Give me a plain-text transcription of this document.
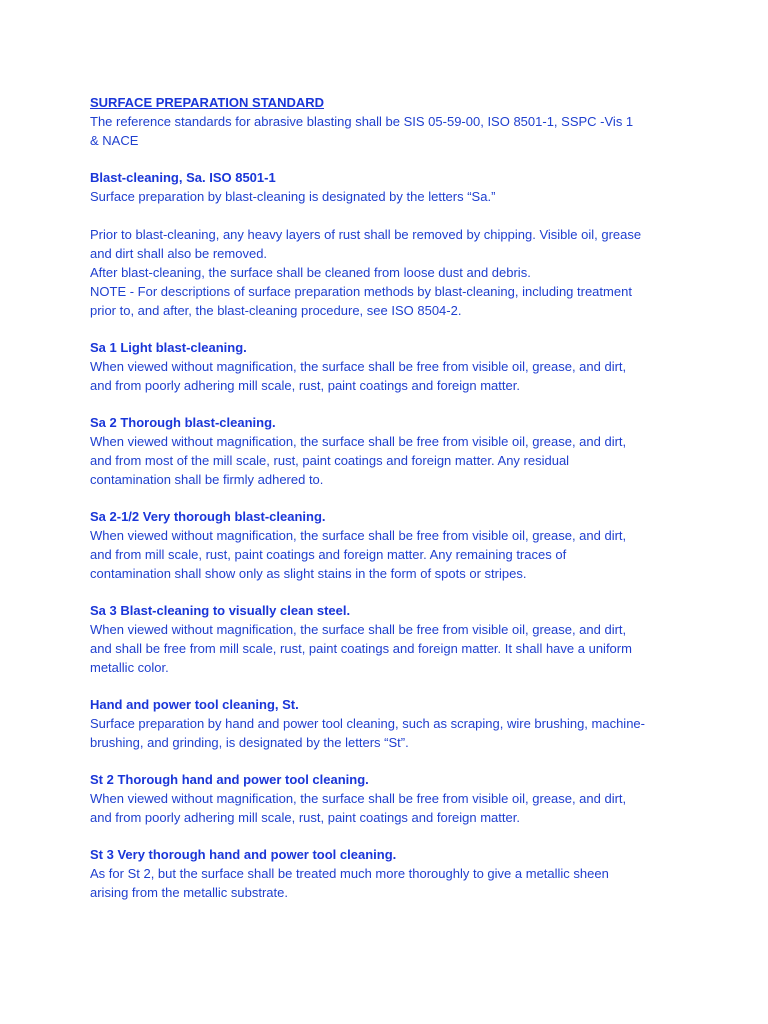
SURFACE PREPARATION STANDARD

The reference standards for abrasive blasting shall be SIS 05-59-00, ISO 8501-1, SSPC -Vis 1

& NACE

Blast-cleaning, Sa. ISO 8501-1

Surface preparation by blast-cleaning is designated by the letters “Sa.”

Prior to blast-cleaning, any heavy layers of rust shall be removed by chipping. Visible oil, grease

and dirt shall also be removed.

After blast-cleaning, the surface shall be cleaned from loose dust and debris.

NOTE - For descriptions of surface preparation methods by blast-cleaning, including treatment

prior to, and after, the blast-cleaning procedure, see ISO 8504-2.

Sa 1 Light blast-cleaning.

When viewed without magnification, the surface shall be free from visible oil, grease, and dirt,

and from poorly adhering mill scale, rust, paint coatings and foreign matter.

Sa 2 Thorough blast-cleaning.

When viewed without magnification, the surface shall be free from visible oil, grease, and dirt,

and from most of the mill scale, rust, paint coatings and foreign matter. Any residual

contamination shall be firmly adhered to.

Sa 2-1/2 Very thorough blast-cleaning.

When viewed without magnification, the surface shall be free from visible oil, grease, and dirt,

and from mill scale, rust, paint coatings and foreign matter. Any remaining traces of

contamination shall show only as slight stains in the form of spots or stripes.

Sa 3 Blast-cleaning to visually clean steel.

When viewed without magnification, the surface shall be free from visible oil, grease, and dirt,

and shall be free from mill scale, rust, paint coatings and foreign matter. It shall have a uniform

metallic color.

Hand and power tool cleaning, St.

Surface preparation by hand and power tool cleaning, such as scraping, wire brushing, machine-

brushing, and grinding, is designated by the letters “St”.

St 2 Thorough hand and power tool cleaning.

When viewed without magnification, the surface shall be free from visible oil, grease, and dirt,

and from poorly adhering mill scale, rust, paint coatings and foreign matter.

St 3 Very thorough hand and power tool cleaning.

As for St 2, but the surface shall be treated much more thoroughly to give a metallic sheen

arising from the metallic substrate.
